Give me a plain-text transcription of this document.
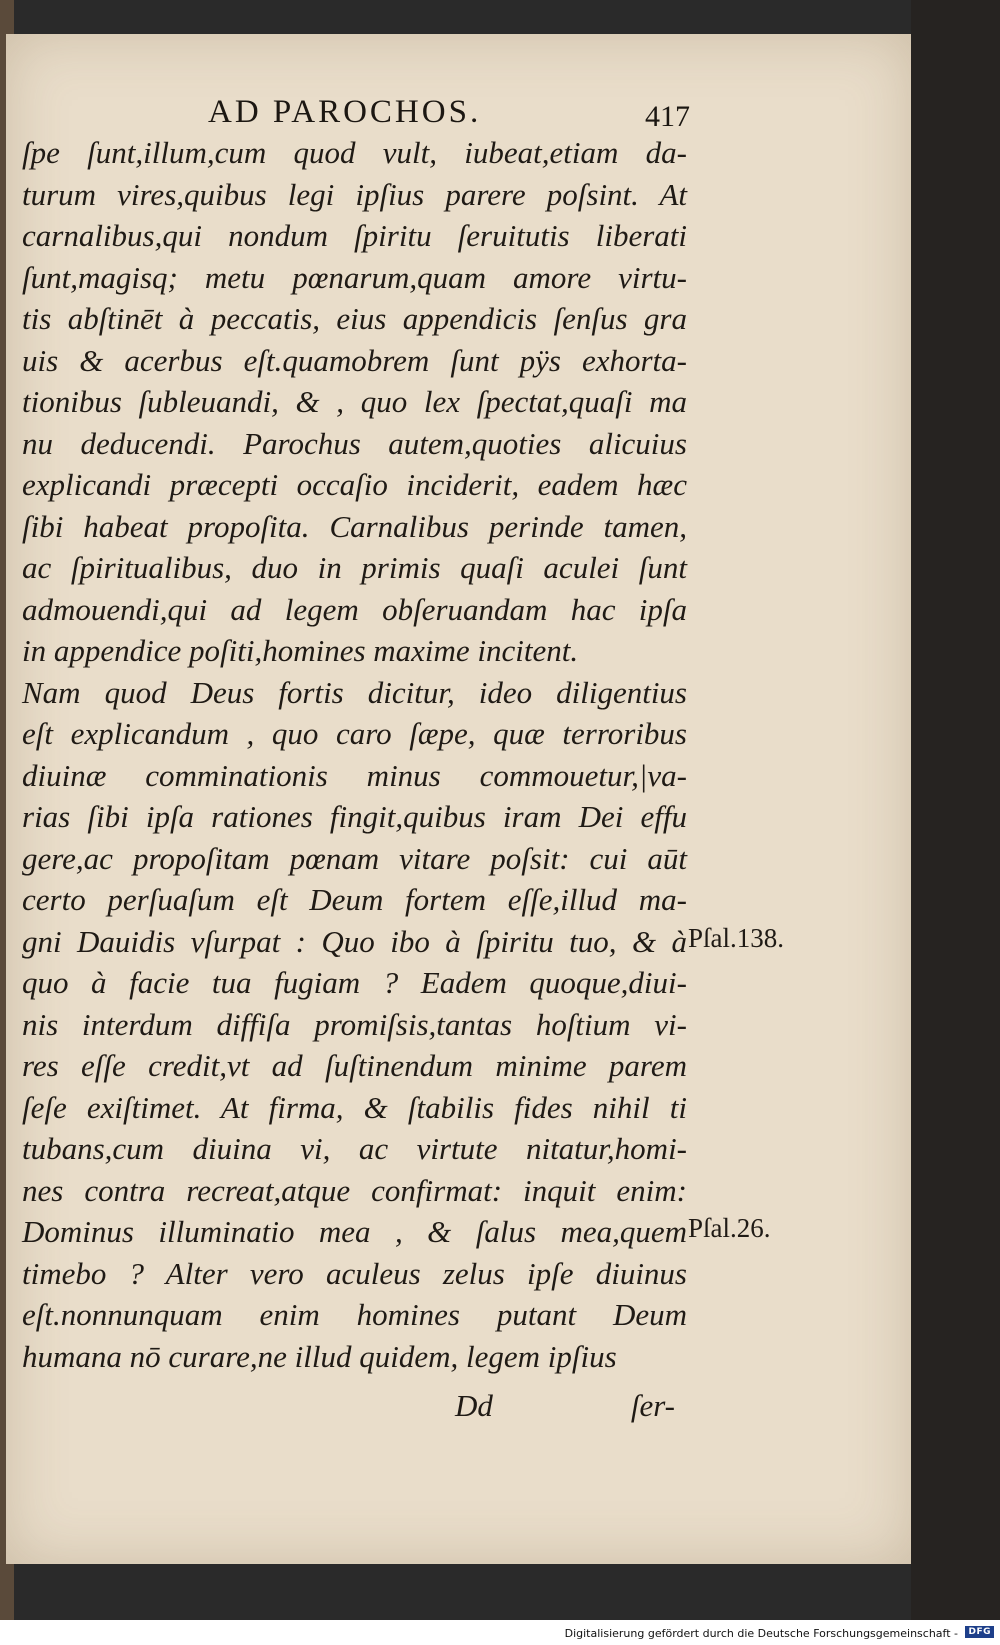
AD PAROCHOS.	417
ſpe ſunt,illum,cum quod vult, iubeat,etiam da-
turum vires,quibus legi ipſius parere poſsint. At
carnalibus,qui nondum ſpiritu ſeruitutis liberati
ſunt,magisq; metu pœnarum,quam amore virtu-
tis abſtinēt à peccatis, eius appendicis ſenſus gra
uis & acerbus eſt.quamobrem ſunt pÿs exhorta-
tionibus ſubleuandi, & , quo lex ſpectat,quaſi ma
nu deducendi. Parochus autem,quoties alicuius
explicandi præcepti occaſio inciderit, eadem hæc
ſibi habeat propoſita. Carnalibus perinde tamen,
ac ſpiritualibus, duo in primis quaſi aculei ſunt
admouendi,qui ad legem obſeruandam hac ipſa
in appendice poſiti,homines maxime incitent.
Nam quod Deus fortis dicitur, ideo diligentius
eſt explicandum , quo caro ſæpe, quæ terroribus
diuinæ comminationis minus commouetur,|va-
rias ſibi ipſa rationes fingit,quibus iram Dei effu
gere,ac propoſitam pœnam vitare poſsit: cui aūt
certo perſuaſum eſt Deum fortem eſſe,illud ma-
gni Dauidis vſurpat : Quo ibo à ſpiritu tuo, & à
quo à facie tua fugiam ? Eadem quoque,diui-
nis interdum diffiſa promiſsis,tantas hoſtium vi-
res eſſe credit,vt ad ſuſtinendum minime parem
ſeſe exiſtimet. At firma, & ſtabilis fides nihil ti
tubans,cum diuina vi, ac virtute nitatur,homi-
nes contra recreat,atque confirmat: inquit enim:
Dominus illuminatio mea , & ſalus mea,quem
timebo ? Alter vero aculeus zelus ipſe diuinus
eſt.nonnunquam enim homines putant Deum
humana nō curare,ne illud quidem, legem ipſius
Dd	ſer-
Pſal.138.
Pſal.26.
Digitalisierung gefördert durch die Deutsche Forschungsgemeinschaft -	DFG
